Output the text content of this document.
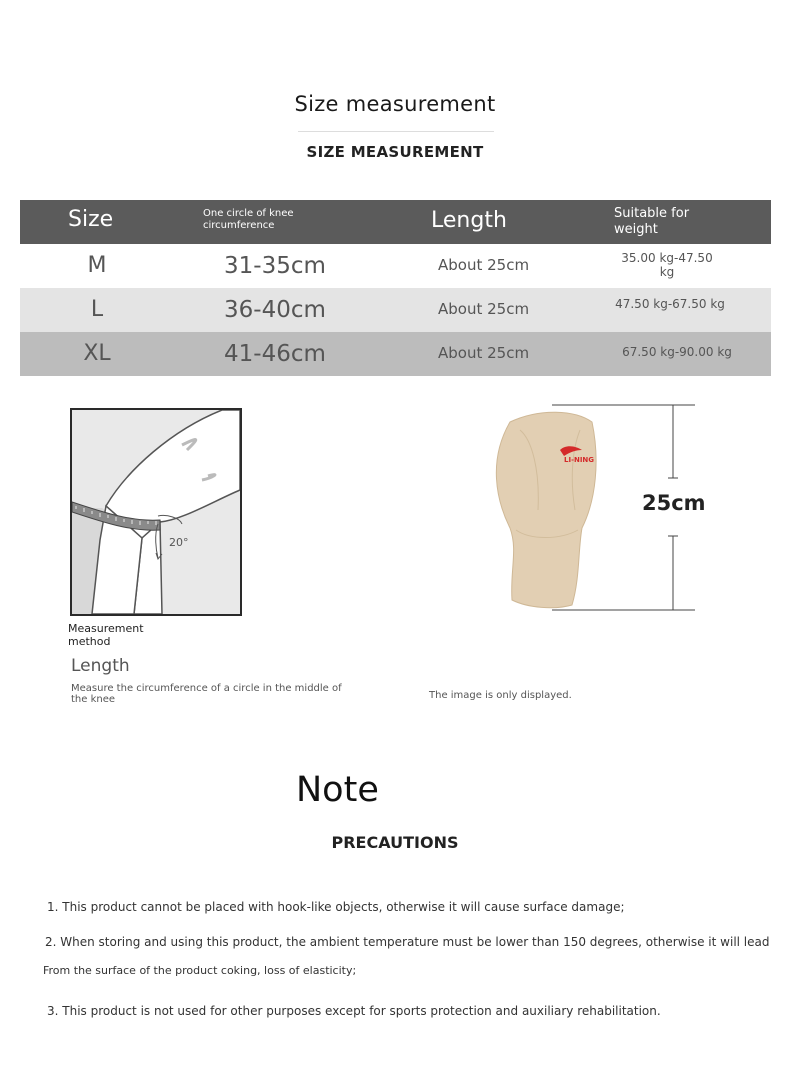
Size measurement
SIZE MEASUREMENT
Size	One circle of knee circumference	Length	Suitable for weight
M	31-35cm	About 25cm	35.00 kg-47.50 kg
L	36-40cm	About 25cm	47.50 kg-67.50 kg
XL	41-46cm	About 25cm	67.50 kg-90.00 kg
20°
Measurement method
Length
Measure the circumference of a circle in the middle of the knee
LI-NING
25cm
The image is only displayed.
Note
PRECAUTIONS
1. This product cannot be placed with hook-like objects, otherwise it will cause surface damage;
2. When storing and using this product, the ambient temperature must be lower than 150 degrees, otherwise it will lead
From the surface of the product coking, loss of elasticity;
3. This product is not used for other purposes except for sports protection and auxiliary rehabilitation.
